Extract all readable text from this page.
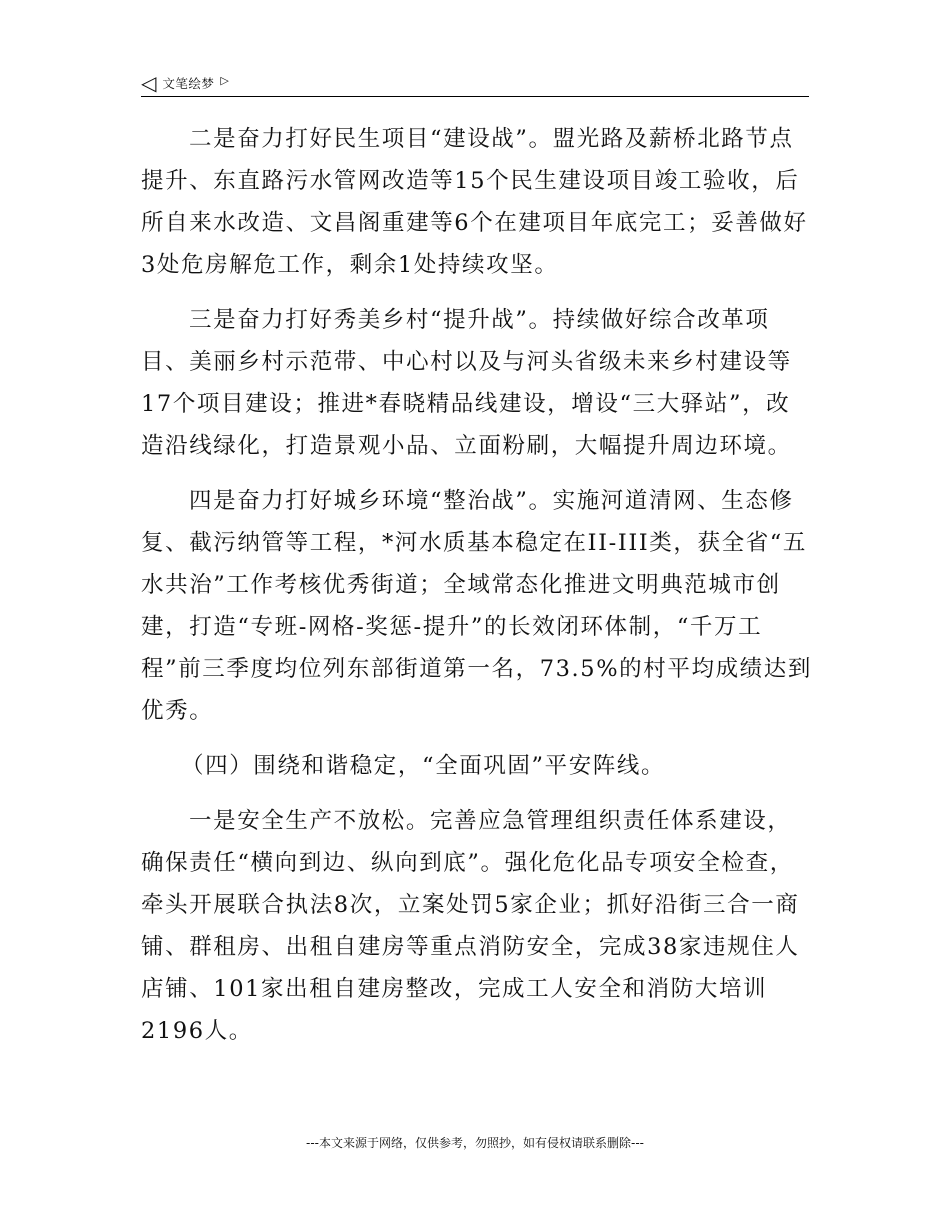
◁ 文笔绘梦 ▷

二是奋力打好民生项目“建设战”。盟光路及薪桥北路节点提升、东直路污水管网改造等15个民生建设项目竣工验收，后所自来水改造、文昌阁重建等6个在建项目年底完工；妥善做好3处危房解危工作，剩余1处持续攻坚。

三是奋力打好秀美乡村“提升战”。持续做好综合改革项目、美丽乡村示范带、中心村以及与河头省级未来乡村建设等17个项目建设；推进*春晓精品线建设，增设“三大驿站”，改造沿线绿化，打造景观小品、立面粉刷，大幅提升周边环境。

四是奋力打好城乡环境“整治战”。实施河道清网、生态修复、截污纳管等工程，*河水质基本稳定在II-III类，获全省“五水共治”工作考核优秀街道；全域常态化推进文明典范城市创建，打造“专班-网格-奖惩-提升”的长效闭环体制，“千万工程”前三季度均位列东部街道第一名，73.5%的村平均成绩达到优秀。

（四）围绕和谐稳定，“全面巩固”平安阵线。

一是安全生产不放松。完善应急管理组织责任体系建设，确保责任“横向到边、纵向到底”。强化危化品专项安全检查，牵头开展联合执法8次，立案处罚5家企业；抓好沿街三合一商铺、群租房、出租自建房等重点消防安全，完成38家违规住人店铺、101家出租自建房整改，完成工人安全和消防大培训2196人。

---本文来源于网络，仅供参考，勿照抄，如有侵权请联系删除---
